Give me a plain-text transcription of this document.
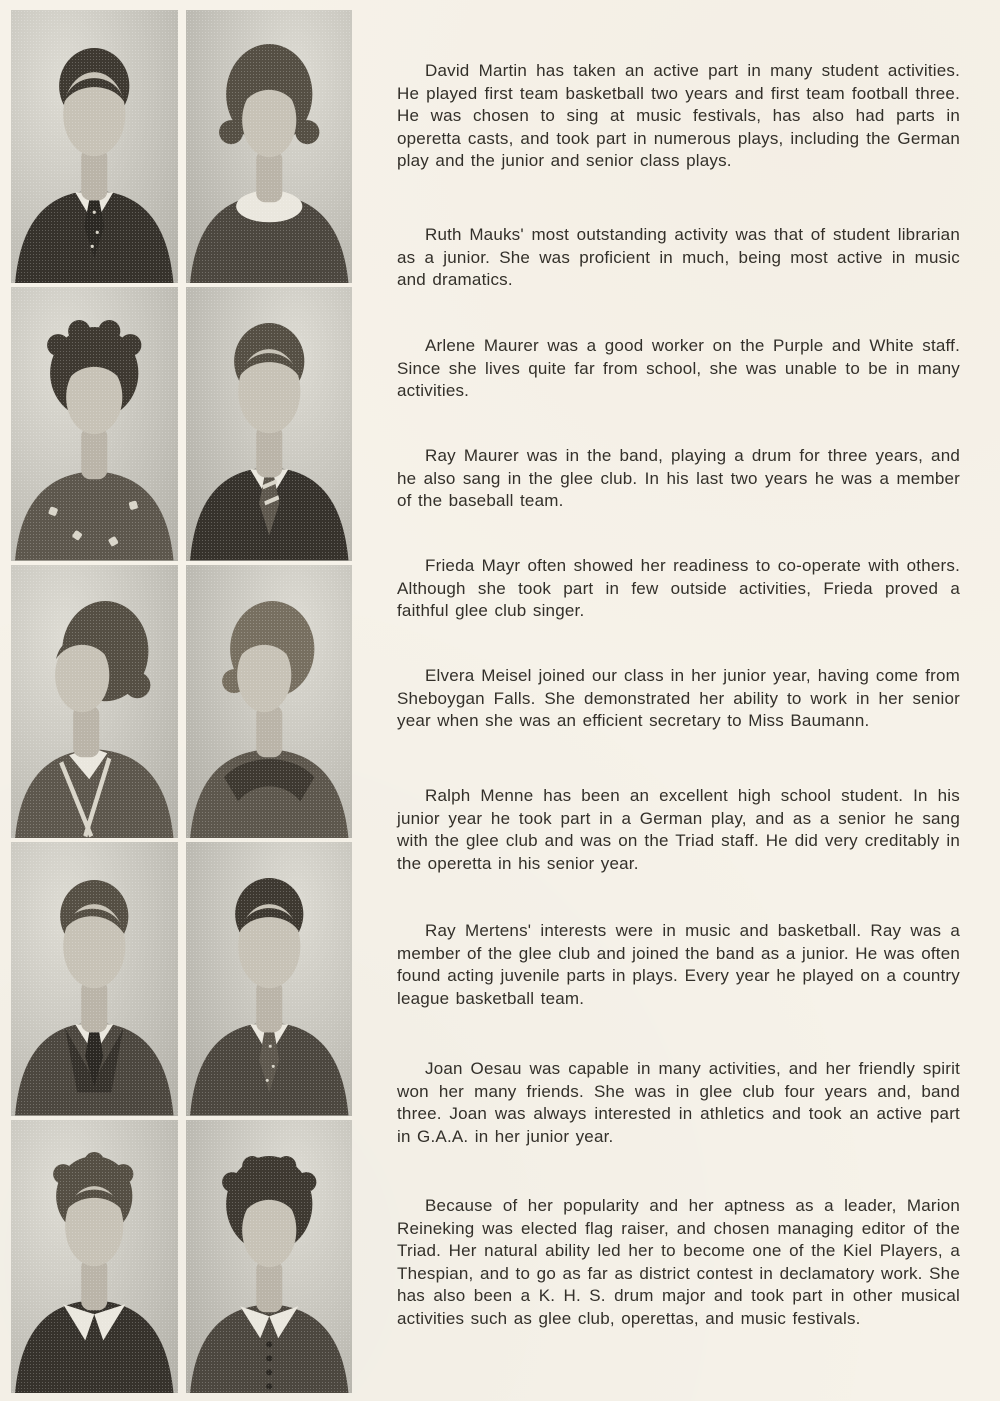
David Martin has taken an active part in many student activities. He played first team basketball two years and first team football three. He was chosen to sing at music festivals, has also had parts in operetta casts, and took part in numerous plays, including the German play and the junior and senior class plays.

Ruth Mauks' most outstanding activity was that of student librarian as a junior. She was proficient in much, being most active in music and dramatics.

Arlene Maurer was a good worker on the Purple and White staff. Since she lives quite far from school, she was unable to be in many activities.

Ray Maurer was in the band, playing a drum for three years, and he also sang in the glee club. In his last two years he was a member of the baseball team.

Frieda Mayr often showed her readiness to co-operate with others. Although she took part in few outside activities, Frieda proved a faithful glee club singer.

Elvera Meisel joined our class in her junior year, having come from Sheboygan Falls. She demonstrated her ability to work in her senior year when she was an efficient secretary to Miss Baumann.

Ralph Menne has been an excellent high school student. In his junior year he took part in a German play, and as a senior he sang with the glee club and was on the Triad staff. He did very creditably in the operetta in his senior year.

Ray Mertens' interests were in music and basketball. Ray was a member of the glee club and joined the band as a junior. He was often found acting juvenile parts in plays. Every year he played on a country league basketball team.

Joan Oesau was capable in many activities, and her friendly spirit won her many friends. She was in glee club four years and, band three. Joan was always interested in athletics and took an active part in G.A.A. in her junior year.

Because of her popularity and her aptness as a leader, Marion Reineking was elected flag raiser, and chosen managing editor of the Triad. Her natural ability led her to become one of the Kiel Players, a Thespian, and to go as far as district contest in declamatory work. She has also been a K. H. S. drum major and took part in other musical activities such as glee club, operettas, and music festivals.
